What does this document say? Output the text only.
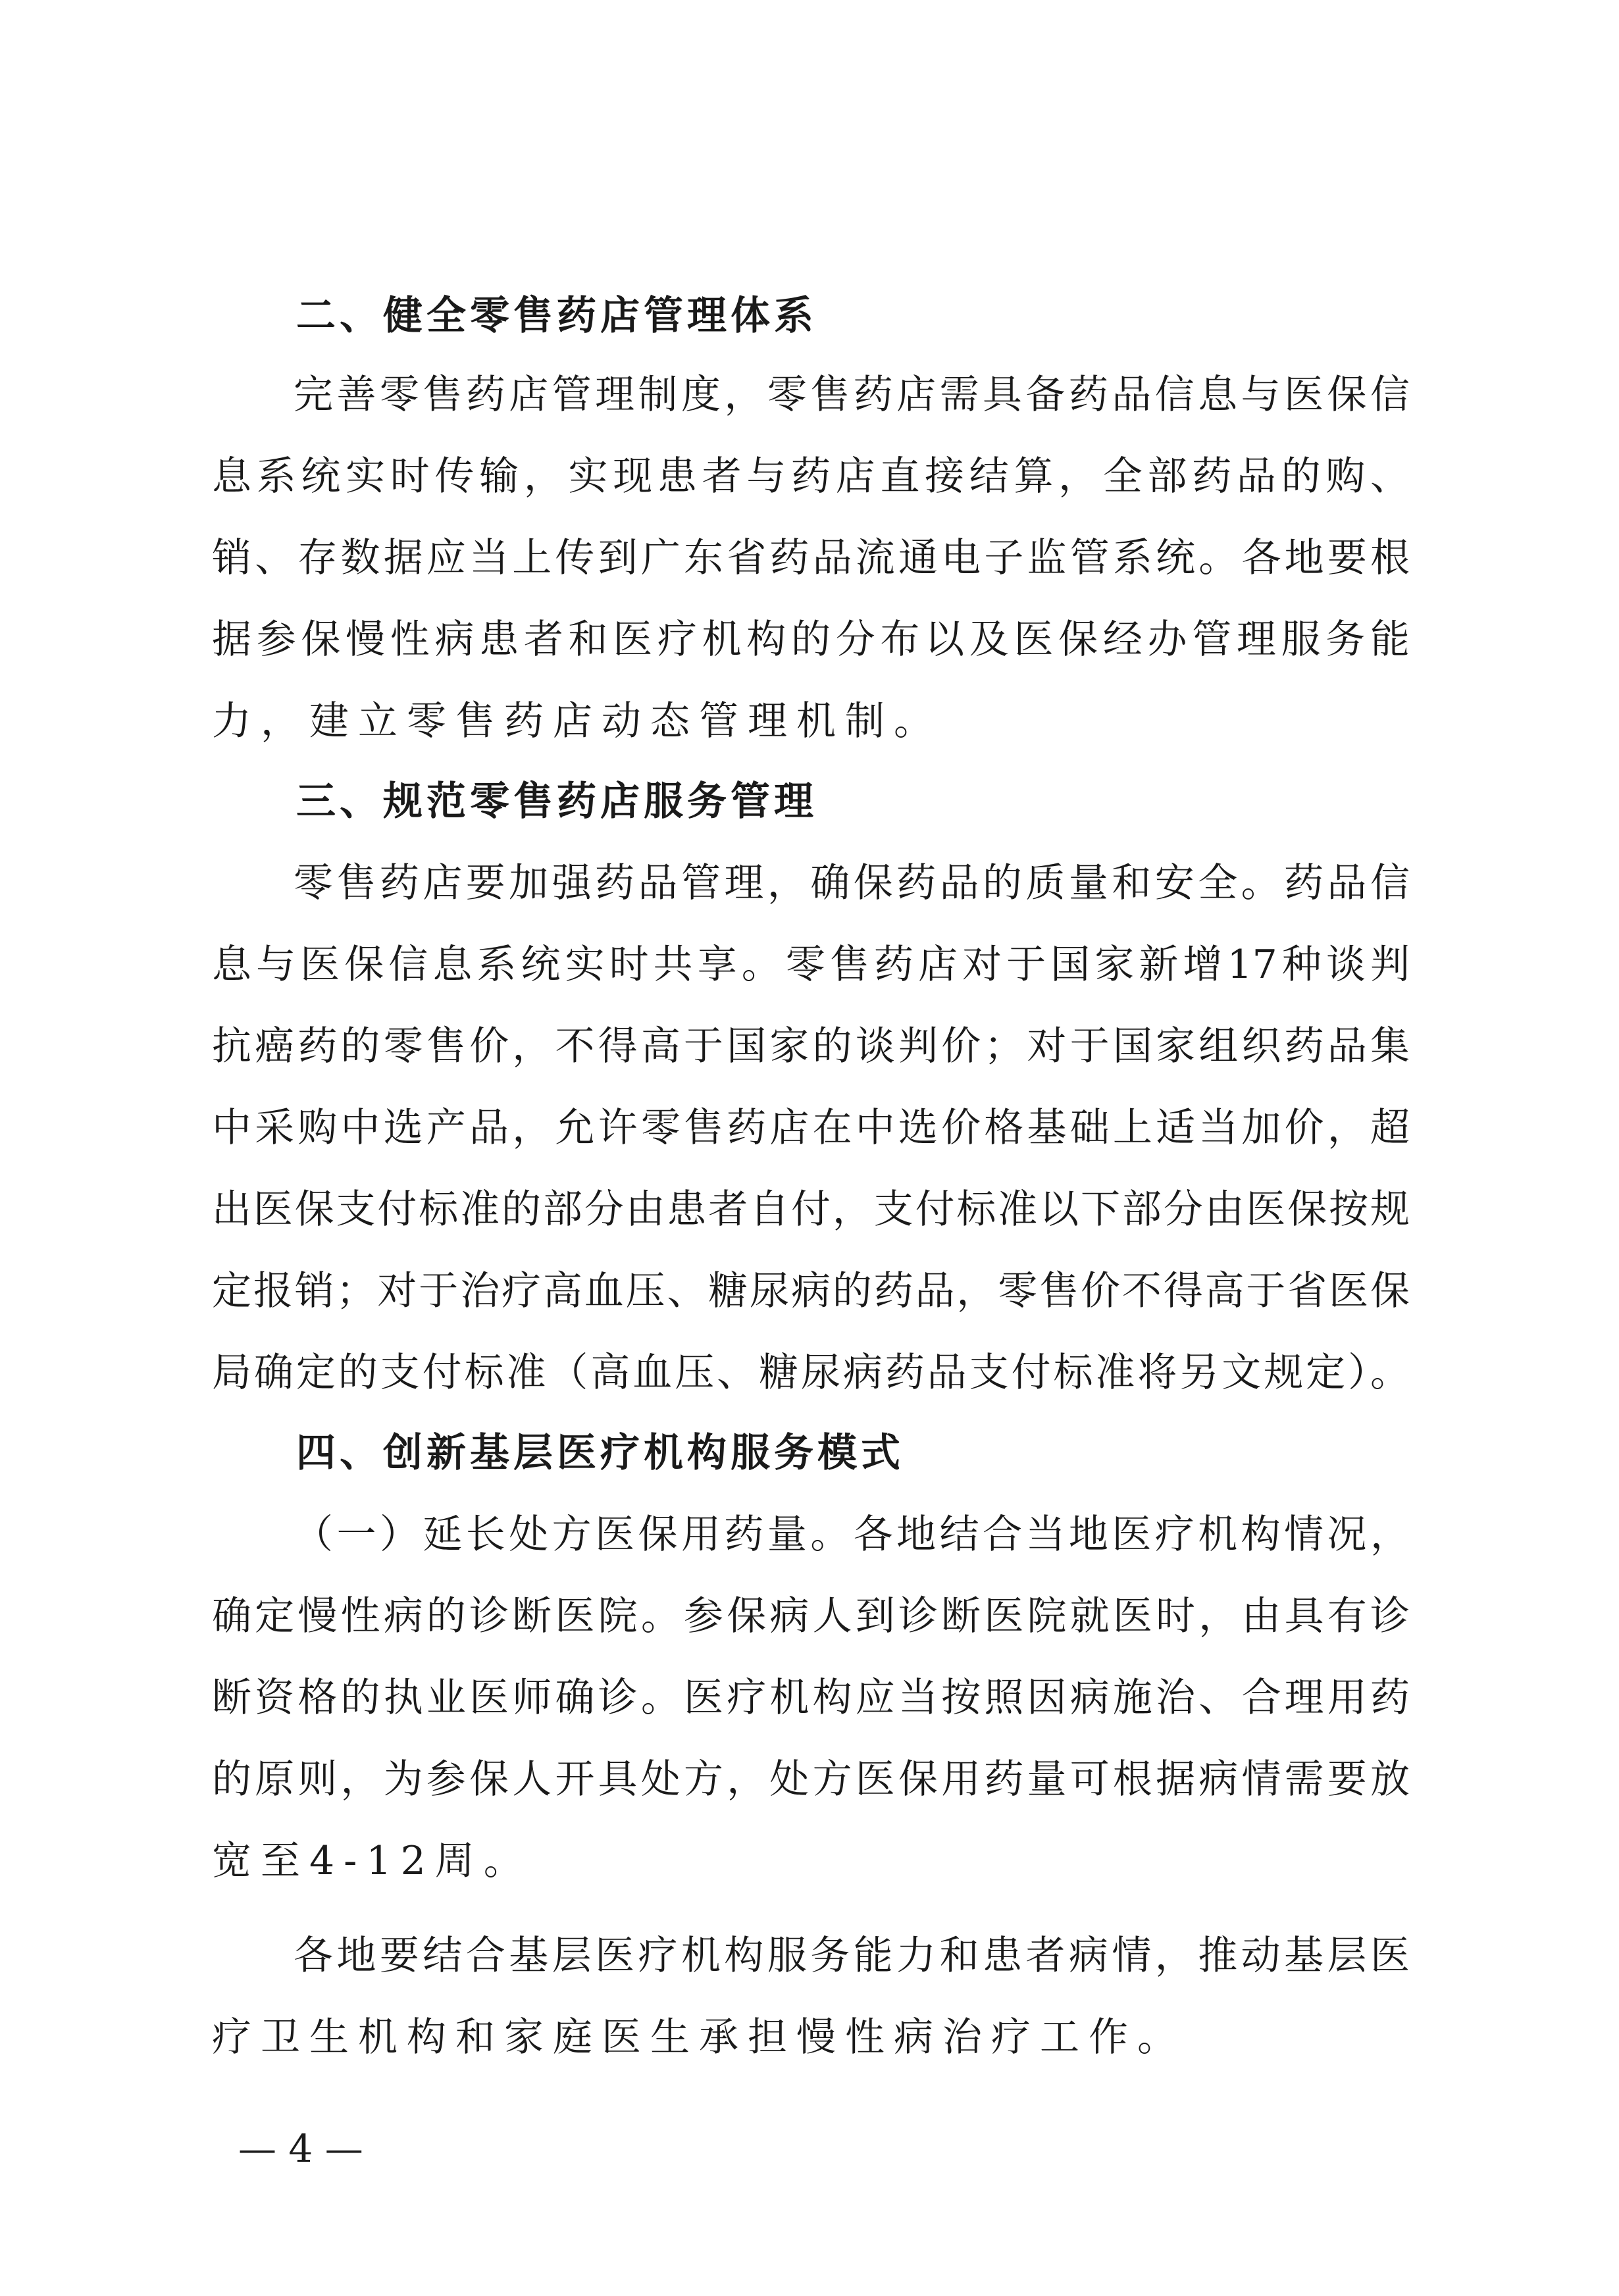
二、健全零售药店管理体系
完善零售药店管理制度，零售药店需具备药品信息与医保信
息系统实时传输，实现患者与药店直接结算，全部药品的购、
销、存数据应当上传到广东省药品流通电子监管系统。各地要根
据参保慢性病患者和医疗机构的分布以及医保经办管理服务能
力，建立零售药店动态管理机制。
三、规范零售药店服务管理
零售药店要加强药品管理，确保药品的质量和安全。药品信
息与医保信息系统实时共享。零售药店对于国家新增17种谈判
抗癌药的零售价，不得高于国家的谈判价；对于国家组织药品集
中采购中选产品，允许零售药店在中选价格基础上适当加价，超
出医保支付标准的部分由患者自付，支付标准以下部分由医保按规
定报销；对于治疗高血压、糖尿病的药品，零售价不得高于省医保
局确定的支付标准（高血压、糖尿病药品支付标准将另文规定）。
四、创新基层医疗机构服务模式
（一）延长处方医保用药量。各地结合当地医疗机构情况，
确定慢性病的诊断医院。参保病人到诊断医院就医时，由具有诊
断资格的执业医师确诊。医疗机构应当按照因病施治、合理用药
的原则，为参保人开具处方，处方医保用药量可根据病情需要放
宽至4-12周。
各地要结合基层医疗机构服务能力和患者病情，推动基层医
疗卫生机构和家庭医生承担慢性病治疗工作。
— 4 —
